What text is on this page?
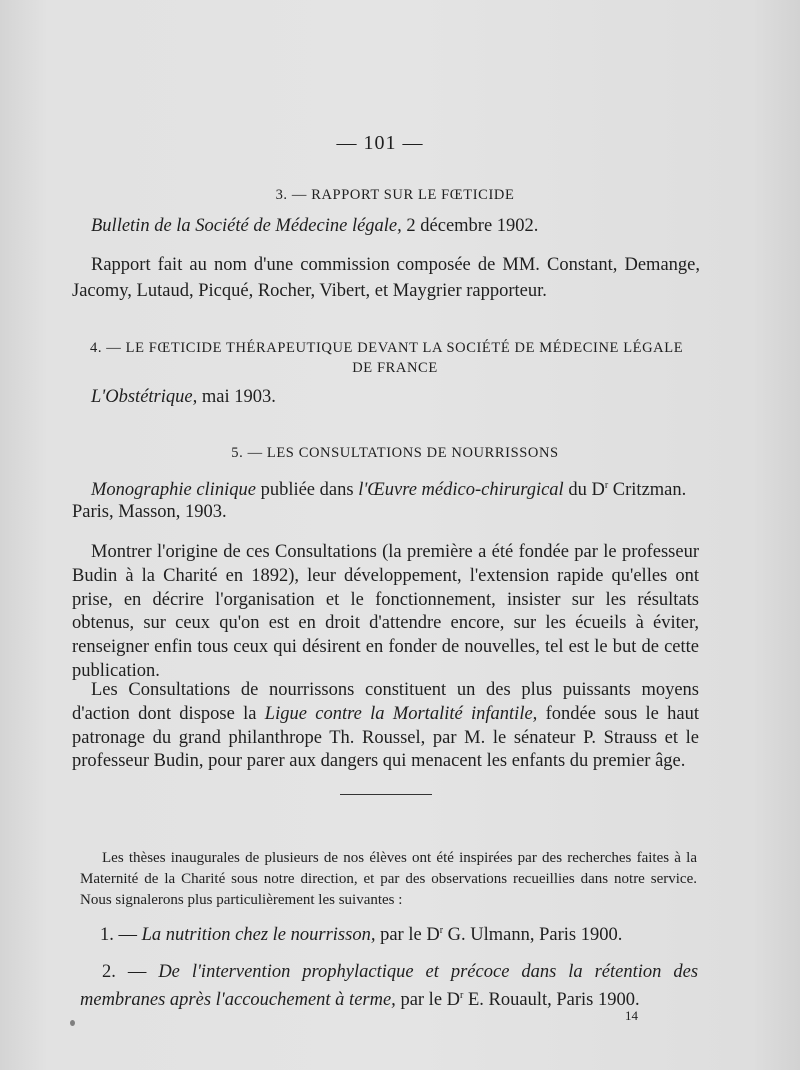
— 101 —
3. — RAPPORT SUR LE FŒTICIDE
Bulletin de la Société de Médecine légale, 2 décembre 1902.

Rapport fait au nom d'une commission composée de MM. Constant, Demange, Jacomy, Lutaud, Picqué, Rocher, Vibert, et Maygrier rapporteur.

4. — LE FŒTICIDE THÉRAPEUTIQUE DEVANT LA SOCIÉTÉ DE MÉDECINE LÉGALE
DE FRANCE
L'Obstétrique, mai 1903.
5. — LES CONSULTATIONS DE NOURRISSONS
Monographie clinique publiée dans l'Œuvre médico-chirurgical du $D^r$ Critzman.
Paris, Masson, 1903.

Montrer l'origine de ces Consultations (la première a été fondée par le professeur Budin à la Charité en 1892), leur développement, l'extension rapide qu'elles ont prise, en décrire l'organisation et le fonctionnement, insister sur les résultats obtenus, sur ceux qu'on est en droit d'attendre encore, sur les écueils à éviter, renseigner enfin tous ceux qui désirent en fonder de nouvelles, tel est le but de cette publication.

Les Consultations de nourrissons constituent un des plus puissants moyens d'action dont dispose la Ligue contre la Mortalité infantile, fondée sous le haut patronage du grand philanthrope Th. Roussel, par M. le sénateur P. Strauss et le professeur Budin, pour parer aux dangers qui menacent les enfants du premier âge.

Les thèses inaugurales de plusieurs de nos élèves ont été inspirées par des recherches faites à la Maternité de la Charité sous notre direction, et par des observations recueillies dans notre service. Nous signalerons plus particulièrement les suivantes :

1. — La nutrition chez le nourrisson, par le $D^r$ G. Ulmann, Paris 1900.

2. — De l'intervention prophylactique et précoce dans la rétention des membranes après l'accouchement à terme, par le $D^r$ E. Rouault, Paris 1900.

14
